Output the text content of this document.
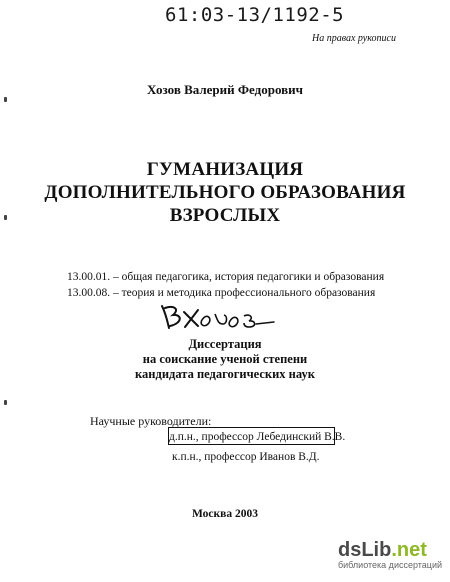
61:03-13/1192-5
На правах рукописи
Хозов Валерий Федорович
ГУМАНИЗАЦИЯ
ДОПОЛНИТЕЛЬНОГО ОБРАЗОВАНИЯ
ВЗРОСЛЫХ
13.00.01. – общая педагогика, история педагогики и образования
13.00.08. – теория и методика профессионального образования
Диссертация
на соискание ученой степени
кандидата педагогических наук
Научные руководители:
д.п.н., профессор Лебединский В.В.
к.п.н., профессор Иванов В.Д.
Москва 2003
dsLib.net
библиотека диссертаций
